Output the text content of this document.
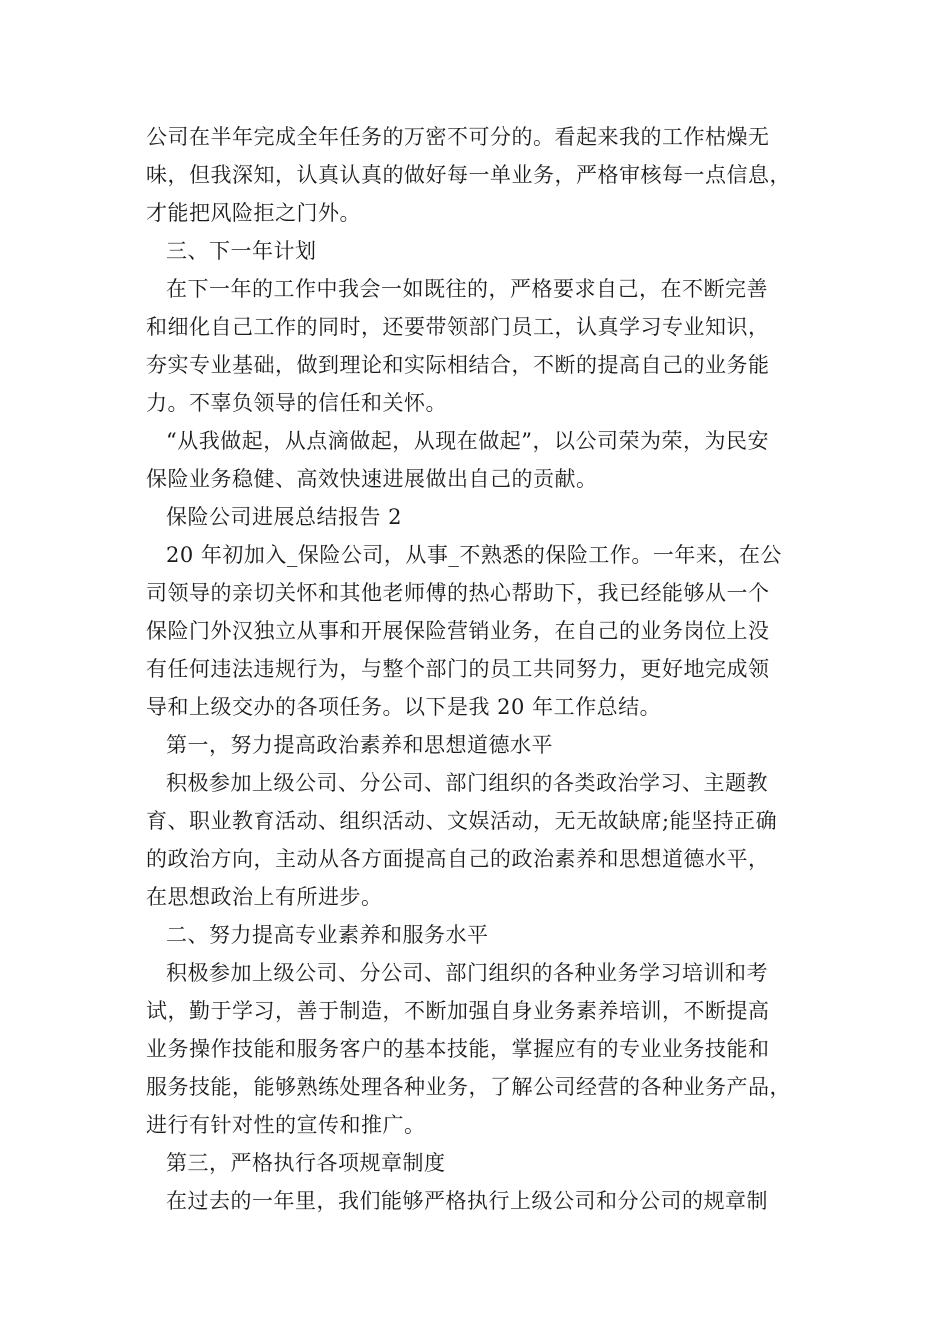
公司在半年完成全年任务的万密不可分的。看起来我的工作枯燥无
味，但我深知，认真认真的做好每一单业务，严格审核每一点信息，
才能把风险拒之门外。
三、下一年计划
在下一年的工作中我会一如既往的，严格要求自己，在不断完善
和细化自己工作的同时，还要带领部门员工，认真学习专业知识，
夯实专业基础，做到理论和实际相结合，不断的提高自己的业务能
力。不辜负领导的信任和关怀。
“从我做起，从点滴做起，从现在做起”，以公司荣为荣，为民安
保险业务稳健、高效快速进展做出自己的贡献。
保险公司进展总结报告 2
20 年初加入_保险公司，从事_不熟悉的保险工作。一年来，在公
司领导的亲切关怀和其他老师傅的热心帮助下，我已经能够从一个
保险门外汉独立从事和开展保险营销业务，在自己的业务岗位上没
有任何违法违规行为，与整个部门的员工共同努力，更好地完成领
导和上级交办的各项任务。以下是我 20 年工作总结。
第一，努力提高政治素养和思想道德水平
积极参加上级公司、分公司、部门组织的各类政治学习、主题教
育、职业教育活动、组织活动、文娱活动，无无故缺席;能坚持正确
的政治方向，主动从各方面提高自己的政治素养和思想道德水平，
在思想政治上有所进步。
二、努力提高专业素养和服务水平
积极参加上级公司、分公司、部门组织的各种业务学习培训和考
试，勤于学习，善于制造，不断加强自身业务素养培训，不断提高
业务操作技能和服务客户的基本技能，掌握应有的专业业务技能和
服务技能，能够熟练处理各种业务，了解公司经营的各种业务产品，
进行有针对性的宣传和推广。
第三，严格执行各项规章制度
在过去的一年里，我们能够严格执行上级公司和分公司的规章制
